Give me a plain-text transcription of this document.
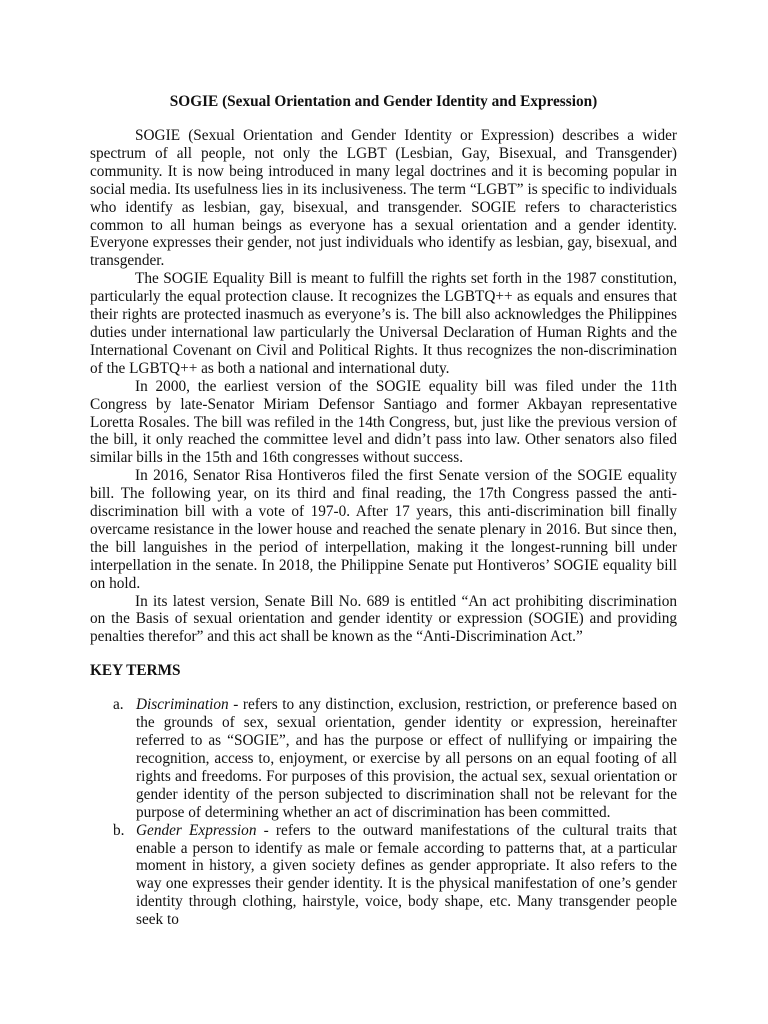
SOGIE (Sexual Orientation and Gender Identity and Expression)

SOGIE (Sexual Orientation and Gender Identity or Expression) describes a wider spectrum of all people, not only the LGBT (Lesbian, Gay, Bisexual, and Transgender) community. It is now being introduced in many legal doctrines and it is becoming popular in social media. Its usefulness lies in its inclusiveness. The term “LGBT” is specific to individuals who identify as lesbian, gay, bisexual, and transgender. SOGIE refers to characteristics common to all human beings as everyone has a sexual orientation and a gender identity. Everyone expresses their gender, not just individuals who identify as lesbian, gay, bisexual, and transgender.

The SOGIE Equality Bill is meant to fulfill the rights set forth in the 1987 constitution, particularly the equal protection clause. It recognizes the LGBTQ++ as equals and ensures that their rights are protected inasmuch as everyone’s is. The bill also acknowledges the Philippines duties under international law particularly the Universal Declaration of Human Rights and the International Covenant on Civil and Political Rights. It thus recognizes the non-discrimination of the LGBTQ++ as both a national and international duty.

In 2000, the earliest version of the SOGIE equality bill was filed under the 11th Congress by late-Senator Miriam Defensor Santiago and former Akbayan representative Loretta Rosales. The bill was refiled in the 14th Congress, but, just like the previous version of the bill, it only reached the committee level and didn’t pass into law. Other senators also filed similar bills in the 15th and 16th congresses without success.

In 2016, Senator Risa Hontiveros filed the first Senate version of the SOGIE equality bill. The following year, on its third and final reading, the 17th Congress passed the anti-discrimination bill with a vote of 197-0. After 17 years, this anti-discrimination bill finally overcame resistance in the lower house and reached the senate plenary in 2016. But since then, the bill languishes in the period of interpellation, making it the longest-running bill under interpellation in the senate. In 2018, the Philippine Senate put Hontiveros’ SOGIE equality bill on hold.

In its latest version, Senate Bill No. 689 is entitled “An act prohibiting discrimination on the Basis of sexual orientation and gender identity or expression (SOGIE) and providing penalties therefor” and this act shall be known as the “Anti-Discrimination Act.”

KEY TERMS
a. Discrimination - refers to any distinction, exclusion, restriction, or preference based on the grounds of sex, sexual orientation, gender identity or expression, hereinafter referred to as “SOGIE”, and has the purpose or effect of nullifying or impairing the recognition, access to, enjoyment, or exercise by all persons on an equal footing of all rights and freedoms. For purposes of this provision, the actual sex, sexual orientation or gender identity of the person subjected to discrimination shall not be relevant for the purpose of determining whether an act of discrimination has been committed.
b. Gender Expression - refers to the outward manifestations of the cultural traits that enable a person to identify as male or female according to patterns that, at a particular moment in history, a given society defines as gender appropriate. It also refers to the way one expresses their gender identity. It is the physical manifestation of one’s gender identity through clothing, hairstyle, voice, body shape, etc. Many transgender people seek to
